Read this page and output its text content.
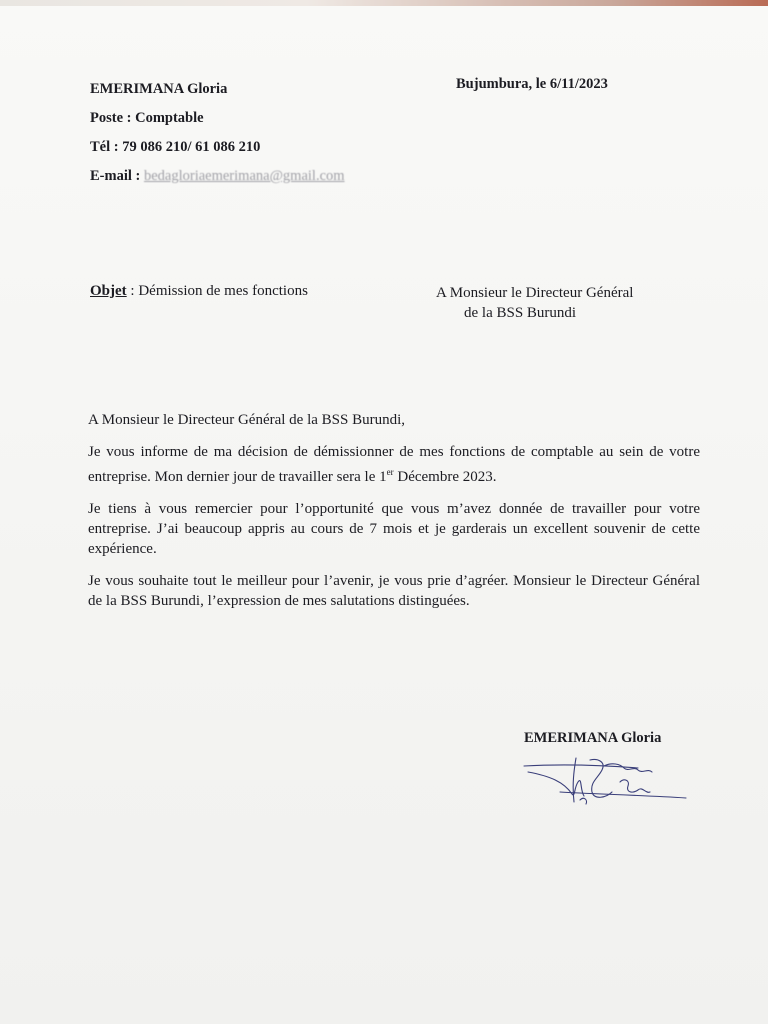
EMERIMANA Gloria
Poste : Comptable
Tél : 79 086 210/ 61 086 210
E-mail : bedagloriaemerimana@gmail.com
Bujumbura, le 6/11/2023
Objet : Démission de mes fonctions	A Monsieur le Directeur Général
de la BSS Burundi

A Monsieur le Directeur Général de la BSS Burundi,

Je vous informe de ma décision de démissionner de mes fonctions de comptable au sein de votre entreprise. Mon dernier jour de travailler sera le 1er Décembre 2023.

Je tiens à vous remercier pour l’opportunité que vous m’avez donnée de travailler pour votre entreprise. J’ai beaucoup appris au cours de 7 mois et je garderais un excellent souvenir de cette expérience.

Je vous souhaite tout le meilleur pour l’avenir, je vous prie d’agréer. Monsieur le Directeur Général de la BSS Burundi, l’expression de mes salutations distinguées.

EMERIMANA Gloria
